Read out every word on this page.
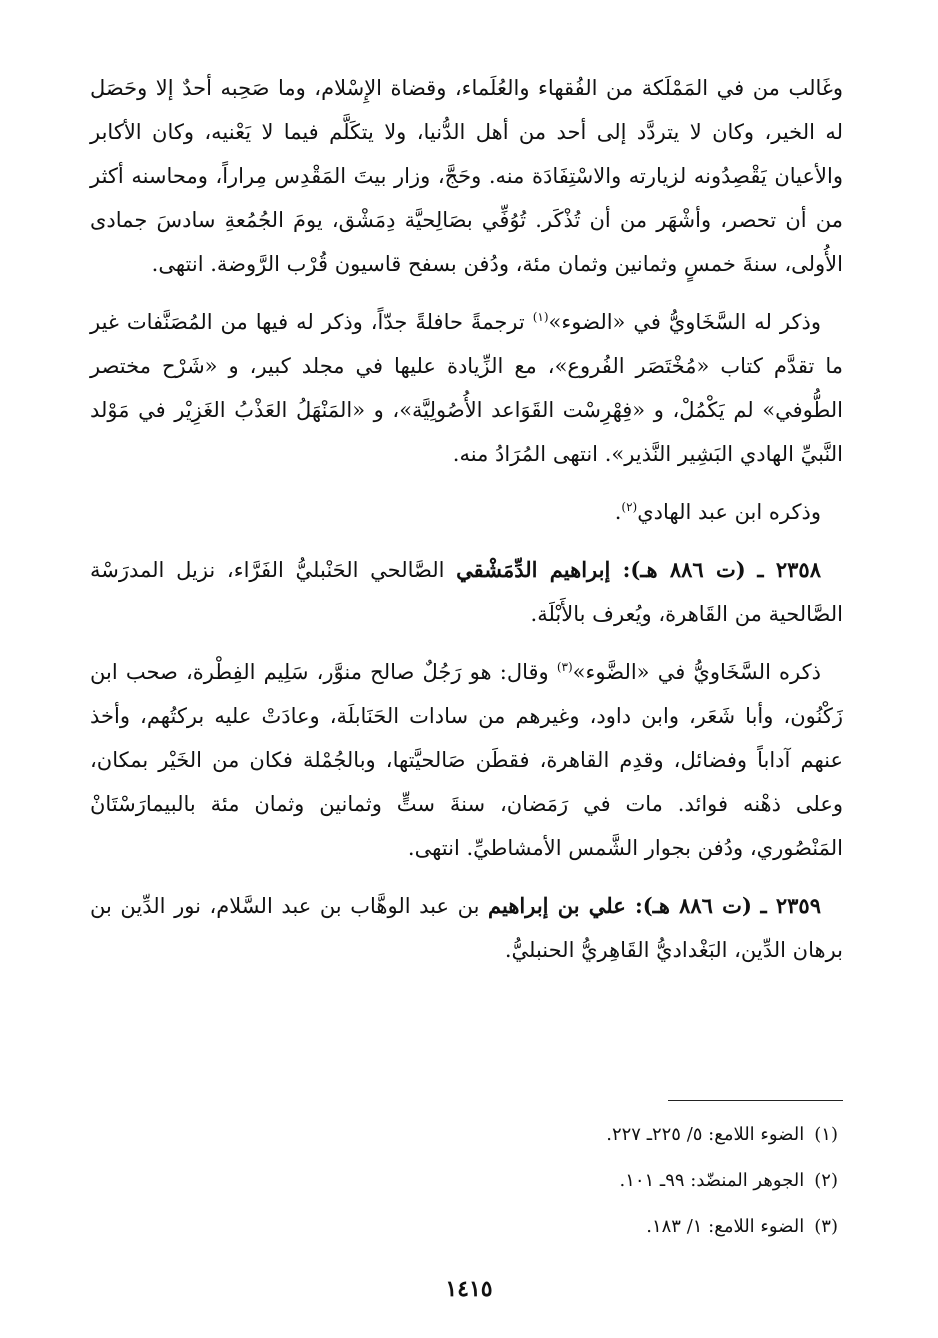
وغَالب من في المَمْلَكة من الفُقهاء والعُلَماء، وقضاة الإِسْلام، وما صَحِبه أحدٌ إلا وحَصَل له الخير، وكان لا يتردَّد إلى أحد من أهل الدُّنيا، ولا يتكَلَّم فيما لا يَعْنيه، وكان الأكابر والأعيان يَقْصِدُونه لزيارته والاسْتِفَادَة منه. وحَجَّ، وزار بيتَ المَقْدِس مِراراً، ومحاسنه أكثر من أن تحصر، وأشْهَر من أن تُذْكَر. تُوُفِّي بصَالِحيَّة دِمَشْق، يومَ الجُمُعةِ سادسَ جمادى الأُولى، سنةَ خمسٍ وثمانين وثمان مئة، ودُفن بسفح قاسيون قُرْب الرَّوضة. انتهى.

وذكر له السَّخَاويُّ في «الضوء»$^{(١)}$ ترجمةً حافلةً جدّاً، وذكر له فيها من المُصَنَّفات غير ما تقدَّم كتاب «مُخْتَصَر الفُروع»، مع الزِّيادة عليها في مجلد كبير، و «شَرْح مختصر الطُّوفي» لم يَكْمُلْ، و «فِهْرِسْت القَوَاعد الأُصُولِيَّة»، و «المَنْهَلُ العَذْبُ الغَزِيْر في مَوْلد النَّبيِّ الهادي البَشِير النَّذير». انتهى المُرَادُ منه.

وذكره ابن عبد الهادي$^{(٢)}$.

٢٣٥٨ ـ (ت ٨٨٦ هـ): إبراهيم الدِّمَشْقي الصَّالحي الحَنْبليُّ الفَرَّاء، نزيل المدرَسْة الصَّالحية من القَاهرة، ويُعرف بالأَبْلَة.

ذكره السَّخَاويُّ في «الضَّوء»$^{(٣)}$ وقال: هو رَجُلٌ صالح منوَّر، سَلِيم الفِطْرة، صحب ابن زَكْنُون، وأبا شَعَر، وابن داود، وغيرهم من سادات الحَنَابلَة، وعادَتْ عليه بركتُهم، وأخذ عنهم آداباً وفضائل، وقدِم القاهرة، فقطَن صَالحيَّتها، وبالجُمْلة فكان من الخَيْر بمكان، وعلى ذهْنه فوائد. مات في رَمَضان، سنةَ ستٍّ وثمانين وثمان مئة بالبيمارَسْتَانْ المَنْصُوري، ودُفن بجوار الشَّمس الأمشاطيِّ. انتهى.

٢٣٥٩ ـ (ت ٨٨٦ هـ): علي بن إبراهيم بن عبد الوهَّاب بن عبد السَّلام، نور الدِّين بن برهان الدِّين، البَغْداديُّ القَاهِريُّ الحنبليُّ.

(١)الضوء اللامع: ٥/ ٢٢٥ـ ٢٢٧.

(٢)الجوهر المنضّد: ٩٩ـ ١٠١.

(٣)الضوء اللامع: ١/ ١٨٣.

١٤١٥
